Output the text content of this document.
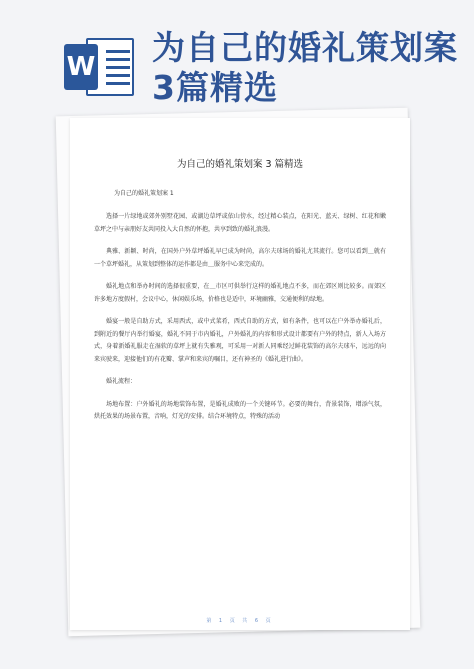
W 为自己的婚礼策划案3篇精选
为自己的婚礼策划案 3 篇精选
为自己的婚礼策划案 1

选择一片绿地或郊外别墅花园、或湖边草坪或依山傍水，经过精心装点，在阳光、蓝天、绿树、红花和嫩草坪之中与亲朋好友共同投入大自然的怀抱，共享到致的婚礼浪漫。

典雅、新颖、时尚，在国外户外草坪婚礼早已成为时尚，高尔夫球场的婚礼尤其流行。您可以看到＿就有一个草坪婚礼，从策划到整体的运作都是由＿服务中心来完成的。

婚礼地点和举办时间的选择很重要，在＿市区可供举行这样的婚礼地点不多，而在郊区则比较多。而郊区许多地方度假村，会议中心，休闲娱乐场，价格也是适中，环境幽雅，交通便利的绿地。

婚宴一般是自助方式，采用西式，或中式菜肴，西式自助的方式，如有条件，也可以在户外举办婚礼后，到附近的餐厅内举行婚宴，婚礼不同于市内婚礼，户外婚礼的内容和形式设计都要有户外的特点，新人入场方式，身着新婚礼服走在湿软的草坪上就有失雅观，可采用一对新人同乘经过鲜花装饰的高尔夫球车，远远的向来宾驶来，迎接他们的有花瓣、掌声和来宾的嘱目，还有神圣的《婚礼进行曲》。

婚礼流程：

场地布置：户外婚礼的场地装饰布置，是婚礼成败的一个关键环节。必要的舞台，背景装饰，增添气氛，烘托效果的场景布置，音响，灯光的安排。结合环境特点，特殊的活动

第 1 页 共 6 页
